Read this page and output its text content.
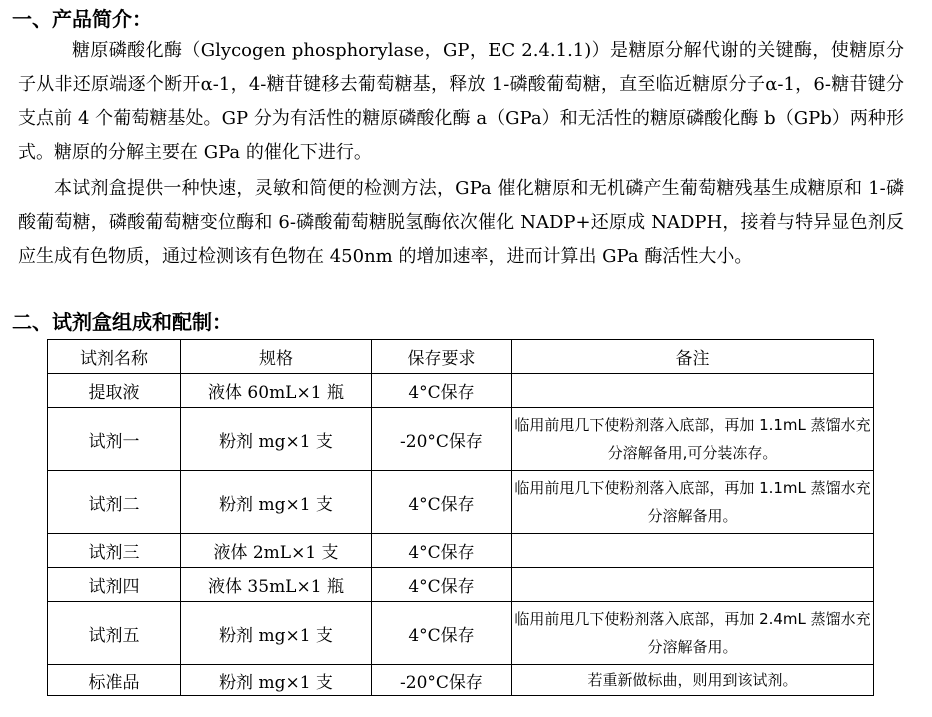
一、产品简介：

糖原磷酸化酶（Glycogen phosphorylase，GP，EC 2.4.1.1)）是糖原分解代谢的关键酶，使糖原分子从非还原端逐个断开α-1，4-糖苷键移去葡萄糖基，释放 1-磷酸葡萄糖，直至临近糖原分子α-1，6-糖苷键分支点前 4 个葡萄糖基处。GP 分为有活性的糖原磷酸化酶 a（GPa）和无活性的糖原磷酸化酶 b（GPb）两种形式。糖原的分解主要在 GPa 的催化下进行。

本试剂盒提供一种快速，灵敏和简便的检测方法，GPa 催化糖原和无机磷产生葡萄糖残基生成糖原和 1-磷酸葡萄糖，磷酸葡萄糖变位酶和 6-磷酸葡萄糖脱氢酶依次催化 NADP+还原成 NADPH，接着与特异显色剂反应生成有色物质，通过检测该有色物在 450nm 的增加速率，进而计算出 GPa 酶活性大小。

二、试剂盒组成和配制：
试剂名称	规格	保存要求	备注
提取液	液体 60mL×1 瓶	4°C保存	
试剂一	粉剂 mg×1 支	-20°C保存	临用前甩几下使粉剂落入底部，再加 1.1mL 蒸馏水充分溶解备用,可分装冻存。
试剂二	粉剂 mg×1 支	4°C保存	临用前甩几下使粉剂落入底部，再加 1.1mL 蒸馏水充分溶解备用。
试剂三	液体 2mL×1 支	4°C保存	
试剂四	液体 35mL×1 瓶	4°C保存	
试剂五	粉剂 mg×1 支	4°C保存	临用前甩几下使粉剂落入底部，再加 2.4mL 蒸馏水充分溶解备用。
标准品	粉剂 mg×1 支	-20°C保存	若重新做标曲，则用到该试剂。
